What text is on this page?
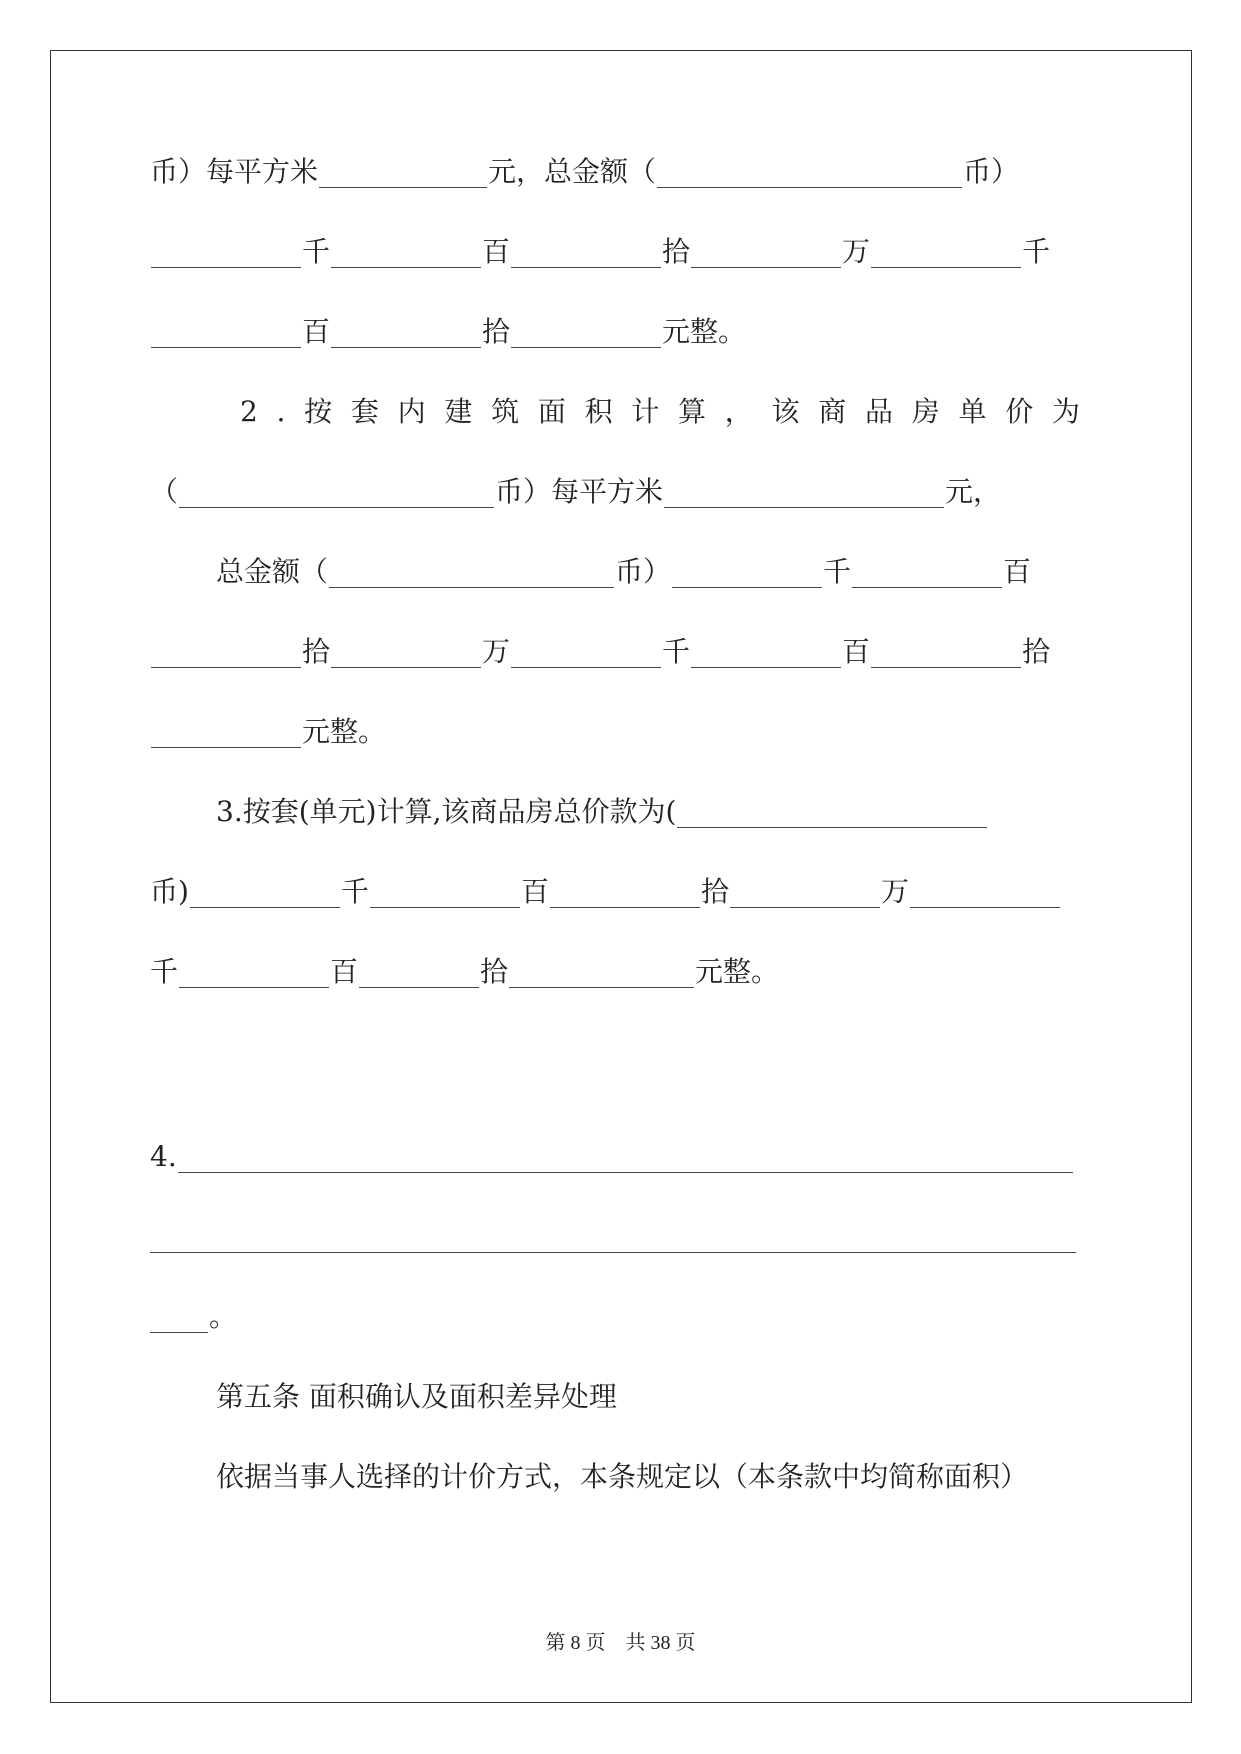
币）每平方米	元，总金额（	币）
千	百	拾	万	千
百	拾	元整。
2 . 按 套 内 建 筑 面 积 计 算 ， 该 商 品 房 单 价 为
（	币）每平方米	元，
总金额（	币）	千	百
拾	万	千	百	拾
元整。
3.按套(单元)计算,该商品房总价款为(
币)	千	百	拾	万
千	百	拾	元整。
4.
。
第五条 面积确认及面积差异处理
依据当事人选择的计价方式，本条规定以（本条款中均简称面积）
第 8 页　共 38 页
